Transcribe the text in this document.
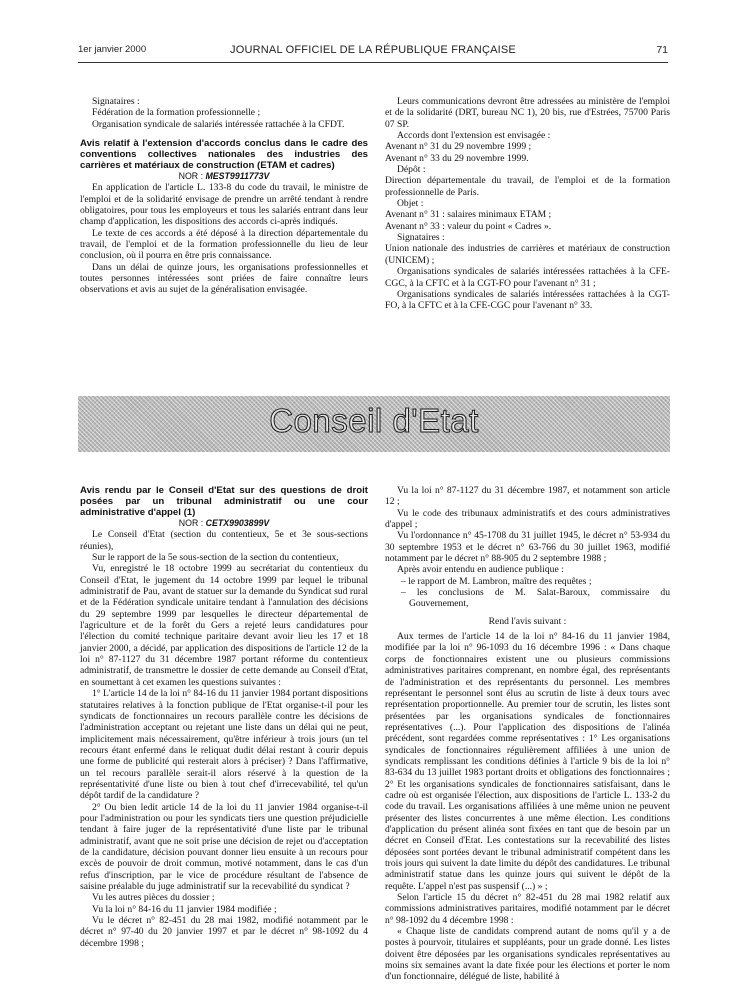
1er janvier 2000	JOURNAL OFFICIEL DE LA RÉPUBLIQUE FRANÇAISE	71

Signataires :

Fédération de la formation professionnelle ;

Organisation syndicale de salariés intéressée rattachée à la CFDT.

Avis relatif à l'extension d'accords conclus dans le cadre des conventions collectives nationales des industries des carrières et matériaux de construction (ETAM et cadres)

NOR : MEST9911773V

En application de l'article L. 133-8 du code du travail, le ministre de l'emploi et de la solidarité envisage de prendre un arrêté tendant à rendre obligatoires, pour tous les employeurs et tous les salariés entrant dans leur champ d'application, les dispositions des accords ci-après indiqués.

Le texte de ces accords a été déposé à la direction départementale du travail, de l'emploi et de la formation professionnelle du lieu de leur conclusion, où il pourra en être pris connaissance.

Dans un délai de quinze jours, les organisations professionnelles et toutes personnes intéressées sont priées de faire connaître leurs observations et avis au sujet de la généralisation envisagée.

Leurs communications devront être adressées au ministère de l'emploi et de la solidarité (DRT, bureau NC 1), 20 bis, rue d'Estrées, 75700 Paris 07 SP.

Accords dont l'extension est envisagée :

Avenant n° 31 du 29 novembre 1999 ;

Avenant n° 33 du 29 novembre 1999.

Dépôt :

Direction départementale du travail, de l'emploi et de la formation professionnelle de Paris.

Objet :

Avenant n° 31 : salaires minimaux ETAM ;

Avenant n° 33 : valeur du point « Cadres ».

Signataires :

Union nationale des industries de carrières et matériaux de construction (UNICEM) ;

Organisations syndicales de salariés intéressées rattachées à la CFE-CGC, à la CFTC et à la CGT-FO pour l'avenant n° 31 ;

Organisations syndicales de salariés intéressées rattachées à la CGT-FO, à la CFTC et à la CFE-CGC pour l'avenant n° 33.

Conseil d'Etat

Avis rendu par le Conseil d'Etat sur des questions de droit posées par un tribunal administratif ou une cour administrative d'appel (1)

NOR : CETX9903899V

Le Conseil d'Etat (section du contentieux, 5e et 3e sous-sections réunies),

Sur le rapport de la 5e sous-section de la section du contentieux,

Vu, enregistré le 18 octobre 1999 au secrétariat du contentieux du Conseil d'Etat, le jugement du 14 octobre 1999 par lequel le tribunal administratif de Pau, avant de statuer sur la demande du Syndicat sud rural et de la Fédération syndicale unitaire tendant à l'annulation des décisions du 29 septembre 1999 par lesquelles le directeur départemental de l'agriculture et de la forêt du Gers a rejeté leurs candidatures pour l'élection du comité technique paritaire devant avoir lieu les 17 et 18 janvier 2000, a décidé, par application des dispositions de l'article 12 de la loi n° 87-1127 du 31 décembre 1987 portant réforme du contentieux administratif, de transmettre le dossier de cette demande au Conseil d'Etat, en soumettant à cet examen les questions suivantes :

1° L'article 14 de la loi n° 84-16 du 11 janvier 1984 portant dispositions statutaires relatives à la fonction publique de l'Etat organise-t-il pour les syndicats de fonctionnaires un recours parallèle contre les décisions de l'administration acceptant ou rejetant une liste dans un délai qui ne peut, implicitement mais nécessairement, qu'être inférieur à trois jours (un tel recours étant enfermé dans le reliquat dudit délai restant à courir depuis une forme de publicité qui resterait alors à préciser) ? Dans l'affirmative, un tel recours parallèle serait-il alors réservé à la question de la représentativité d'une liste ou bien à tout chef d'irrecevabilité, tel qu'un dépôt tardif de la candidature ?

2° Ou bien ledit article 14 de la loi du 11 janvier 1984 organise-t-il pour l'administration ou pour les syndicats tiers une question préjudicielle tendant à faire juger de la représentativité d'une liste par le tribunal administratif, avant que ne soit prise une décision de rejet ou d'acceptation de la candidature, décision pouvant donner lieu ensuite à un recours pour excès de pouvoir de droit commun, motivé notamment, dans le cas d'un refus d'inscription, par le vice de procédure résultant de l'absence de saisine préalable du juge administratif sur la recevabilité du syndicat ?

Vu les autres pièces du dossier ;

Vu la loi n° 84-16 du 11 janvier 1984 modifiée ;

Vu le décret n° 82-451 du 28 mai 1982, modifié notamment par le décret n° 97-40 du 20 janvier 1997 et par le décret n° 98-1092 du 4 décembre 1998 ;

Vu la loi n° 87-1127 du 31 décembre 1987, et notamment son article 12 ;

Vu le code des tribunaux administratifs et des cours administratives d'appel ;

Vu l'ordonnance n° 45-1708 du 31 juillet 1945, le décret n° 53-934 du 30 septembre 1953 et le décret n° 63-766 du 30 juillet 1963, modifié notamment par le décret n° 88-905 du 2 septembre 1988 ;

Après avoir entendu en audience publique :

– le rapport de M. Lambron, maître des requêtes ;

– les conclusions de M. Salat-Baroux, commissaire du Gouvernement,

Rend l'avis suivant :

Aux termes de l'article 14 de la loi n° 84-16 du 11 janvier 1984, modifiée par la loi n° 96-1093 du 16 décembre 1996 : « Dans chaque corps de fonctionnaires existent une ou plusieurs commissions administratives paritaires comprenant, en nombre égal, des représentants de l'administration et des représentants du personnel. Les membres représentant le personnel sont élus au scrutin de liste à deux tours avec représentation proportionnelle. Au premier tour de scrutin, les listes sont présentées par les organisations syndicales de fonctionnaires représentatives (...). Pour l'application des dispositions de l'alinéa précédent, sont regardées comme représentatives : 1° Les organisations syndicales de fonctionnaires régulièrement affiliées à une union de syndicats remplissant les conditions définies à l'article 9 bis de la loi n° 83-634 du 13 juillet 1983 portant droits et obligations des fonctionnaires ; 2° Et les organisations syndicales de fonctionnaires satisfaisant, dans le cadre où est organisée l'élection, aux dispositions de l'article L. 133-2 du code du travail. Les organisations affiliées à une même union ne peuvent présenter des listes concurrentes à une même élection. Les conditions d'application du présent alinéa sont fixées en tant que de besoin par un décret en Conseil d'Etat. Les contestations sur la recevabilité des listes déposées sont portées devant le tribunal administratif compétent dans les trois jours qui suivent la date limite du dépôt des candidatures. Le tribunal administratif statue dans les quinze jours qui suivent le dépôt de la requête. L'appel n'est pas suspensif (...) » ;

Selon l'article 15 du décret n° 82-451 du 28 mai 1982 relatif aux commissions administratives paritaires, modifié notamment par le décret n° 98-1092 du 4 décembre 1998 :

« Chaque liste de candidats comprend autant de noms qu'il y a de postes à pourvoir, titulaires et suppléants, pour un grade donné. Les listes doivent être déposées par les organisations syndicales représentatives au moins six semaines avant la date fixée pour les élections et porter le nom d'un fonctionnaire, délégué de liste, habilité à
